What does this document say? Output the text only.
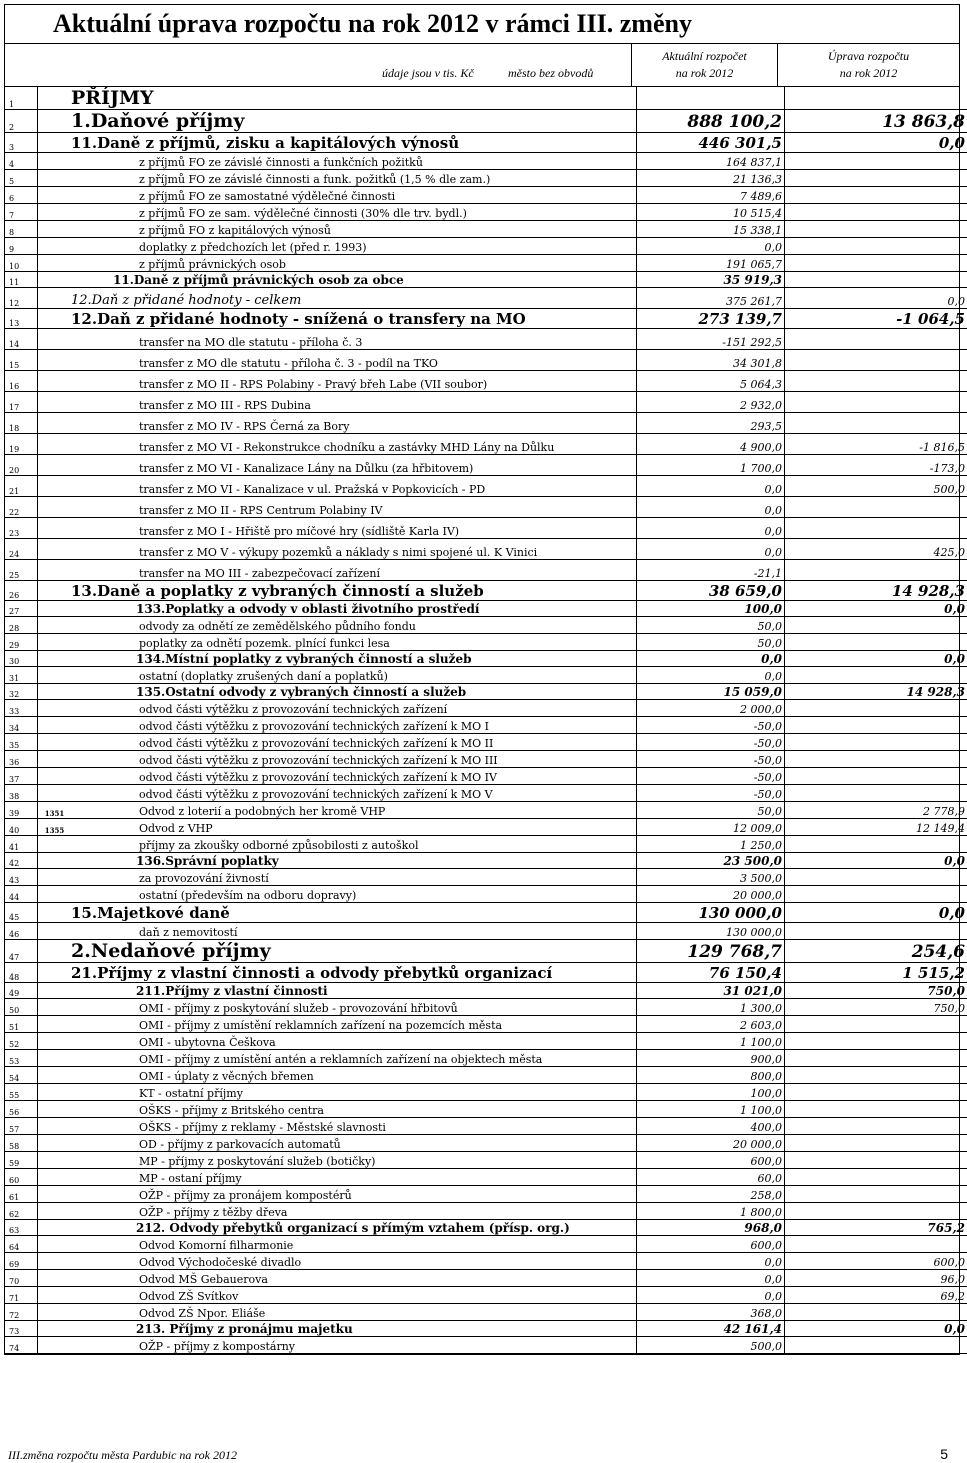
Aktuální úprava rozpočtu na rok 2012 v rámci III. změny
údaje jsou v tis. Kč	město bez obvodů
Aktuální rozpočet
na rok 2012
Úprava rozpočtu
na rok 2012
1		PŘÍJMY		
2		1.Daňové příjmy	888 100,2	13 863,8
3		11.Daně z příjmů, zisku a kapitálových výnosů	446 301,5	0,0
4		z příjmů FO ze závislé činnosti a funkčních požitků	164 837,1	
5		z příjmů FO ze závislé činnosti a funk. požitků (1,5 % dle zam.)	21 136,3	
6		z příjmů FO ze samostatné výdělečné činnosti	7 489,6	
7		z příjmů FO ze sam. výdělečné činnosti (30% dle trv. bydl.)	10 515,4	
8		z příjmů FO z kapitálových výnosů	15 338,1	
9		doplatky z předchozích let (před r. 1993)	0,0	
10		z příjmů právnických osob	191 065,7	
11		11.Daně z příjmů právnických osob za obce	35 919,3	
12		12.Daň z přidané hodnoty - celkem	375 261,7	0,0
13		12.Daň z přidané hodnoty - snížená o transfery na MO	273 139,7	-1 064,5
14		transfer na MO dle statutu - příloha č. 3	-151 292,5	
15		transfer z MO dle statutu - příloha č. 3 - podíl na TKO	34 301,8	
16		transfer z MO II - RPS Polabiny - Pravý břeh Labe (VII soubor)	5 064,3	
17		transfer z MO III - RPS Dubina	2 932,0	
18		transfer z MO IV - RPS Černá za Bory	293,5	
19		transfer z MO VI - Rekonstrukce chodníku a zastávky MHD Lány na Důlku	4 900,0	-1 816,5
20		transfer z MO VI - Kanalizace Lány na Důlku (za hřbitovem)	1 700,0	-173,0
21		transfer z MO VI - Kanalizace v ul. Pražská v Popkovicích - PD	0,0	500,0
22		transfer z MO II - RPS Centrum Polabiny IV	0,0	
23		transfer z MO I - Hřiště pro míčové hry (sídliště Karla IV)	0,0	
24		transfer z MO V - výkupy pozemků a náklady s nimi spojené ul. K Vinici	0,0	425,0
25		transfer na MO III - zabezpečovací zařízení	-21,1	
26		13.Daně a poplatky z vybraných činností a služeb	38 659,0	14 928,3
27		133.Poplatky a odvody v oblasti životního prostředí	100,0	0,0
28		odvody za odnětí ze zemědělského půdního fondu	50,0	
29		poplatky za odnětí pozemk. plnící funkci lesa	50,0	
30		134.Místní poplatky z vybraných činností a služeb	0,0	0,0
31		ostatní (doplatky zrušených daní a poplatků)	0,0	
32		135.Ostatní odvody z vybraných činností a služeb	15 059,0	14 928,3
33		odvod části výtěžku z provozování technických zařízení	2 000,0	
34		odvod části výtěžku z provozování technických zařízení k MO I	-50,0	
35		odvod části výtěžku z provozování technických zařízení k MO II	-50,0	
36		odvod části výtěžku z provozování technických zařízení k MO III	-50,0	
37		odvod části výtěžku z provozování technických zařízení k MO IV	-50,0	
38		odvod části výtěžku z provozování technických zařízení k MO V	-50,0	
39	1351	Odvod z loterií a podobných her kromě VHP	50,0	2 778,9
40	1355	Odvod z VHP	12 009,0	12 149,4
41		příjmy za zkoušky odborné způsobilosti z autoškol	1 250,0	
42		136.Správní poplatky	23 500,0	0,0
43		za provozování živností	3 500,0	
44		ostatní (především na odboru dopravy)	20 000,0	
45		15.Majetkové daně	130 000,0	0,0
46		daň z nemovitostí	130 000,0	
47		2.Nedaňové příjmy	129 768,7	254,6
48		21.Příjmy z vlastní činnosti a odvody přebytků organizací	76 150,4	1 515,2
49		211.Příjmy z vlastní činnosti	31 021,0	750,0
50		OMI - příjmy z poskytování služeb - provozování hřbitovů	1 300,0	750,0
51		OMI - příjmy z umístění reklamních zařízení na pozemcích města	2 603,0	
52		OMI - ubytovna Češkova	1 100,0	
53		OMI - příjmy z umístění antén a reklamních zařízení na objektech města	900,0	
54		OMI - úplaty z věcných břemen	800,0	
55		KT - ostatní příjmy	100,0	
56		OŠKS - příjmy z Britského centra	1 100,0	
57		OŠKS - příjmy z reklamy - Městské slavnosti	400,0	
58		OD - příjmy z parkovacích automatů	20 000,0	
59		MP - příjmy z poskytování služeb (botičky)	600,0	
60		MP - ostaní příjmy	60,0	
61		OŽP - příjmy za pronájem kompostérů	258,0	
62		OŽP - příjmy z těžby dřeva	1 800,0	
63		212. Odvody přebytků organizací s přímým vztahem (přísp. org.)	968,0	765,2
64		Odvod Komorní filharmonie	600,0	
69		Odvod Východočeské divadlo	0,0	600,0
70		Odvod MŠ Gebauerova	0,0	96,0
71		Odvod ZŠ Svítkov	0,0	69,2
72		Odvod ZŠ Npor. Eliáše	368,0	
73		213. Příjmy z pronájmu majetku	42 161,4	0,0
74		OŽP - příjmy z kompostárny	500,0	
III.změna rozpočtu města Pardubic na rok 2012	5
